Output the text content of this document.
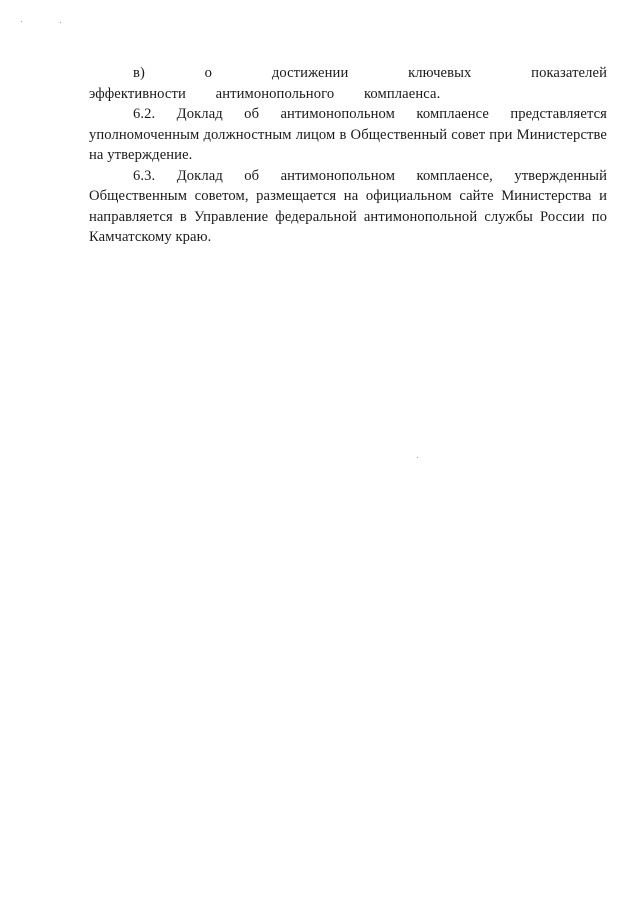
в) о достижении ключевых показателей эффективности антимонопольного комплаенса.

6.2. Доклад об антимонопольном комплаенсе представляется уполномоченным должностным лицом в Общественный совет при Министерстве на утверждение.

6.3. Доклад об антимонопольном комплаенсе, утвержденный Общественным советом, размещается на официальном сайте Министерства и направляется в Управление федеральной антимонопольной службы России по Камчатскому краю.
